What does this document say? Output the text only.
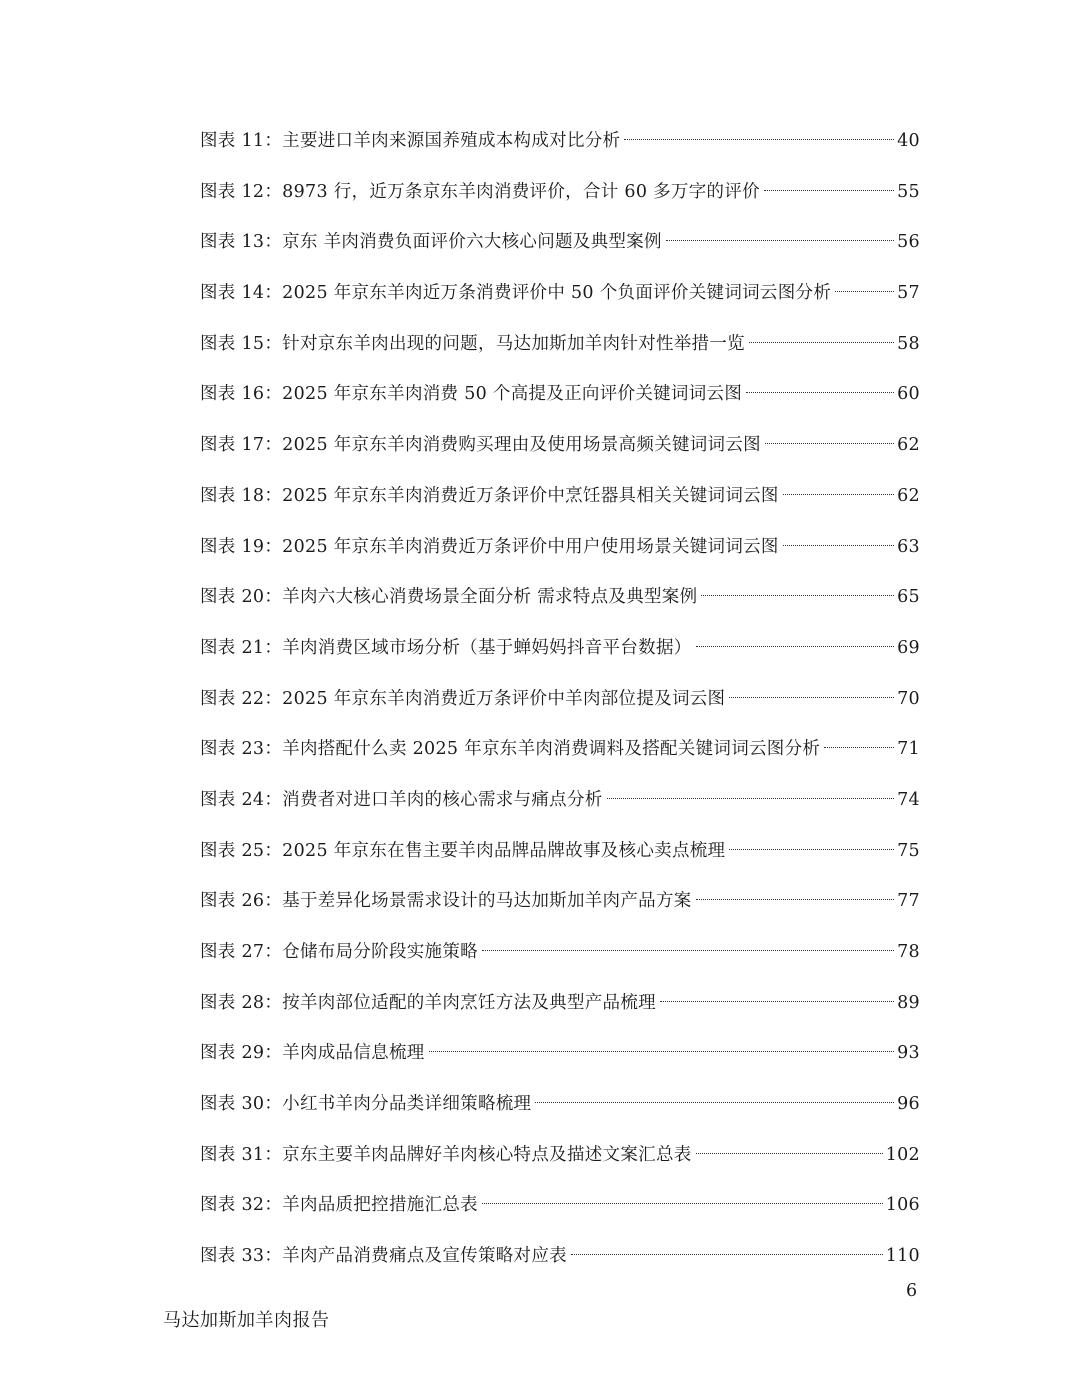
图表 11： 主要进口羊肉来源国养殖成本构成对比分析	40
图表 12： 8973 行，近万条京东羊肉消费评价，合计 60 多万字的评价	55
图表 13： 京东 羊肉消费负面评价六大核心问题及典型案例	56
图表 14： 2025 年京东羊肉近万条消费评价中 50 个负面评价关键词词云图分析	57
图表 15： 针对京东羊肉出现的问题，马达加斯加羊肉针对性举措一览	58
图表 16： 2025 年京东羊肉消费 50 个高提及正向评价关键词词云图	60
图表 17： 2025 年京东羊肉消费购买理由及使用场景高频关键词词云图	62
图表 18： 2025 年京东羊肉消费近万条评价中烹饪器具相关关键词词云图	62
图表 19： 2025 年京东羊肉消费近万条评价中用户使用场景关键词词云图	63
图表 20： 羊肉六大核心消费场景全面分析 需求特点及典型案例	65
图表 21： 羊肉消费区域市场分析（基于蝉妈妈抖音平台数据）	69
图表 22： 2025 年京东羊肉消费近万条评价中羊肉部位提及词云图	70
图表 23： 羊肉搭配什么卖 2025 年京东羊肉消费调料及搭配关键词词云图分析	71
图表 24： 消费者对进口羊肉的核心需求与痛点分析	74
图表 25： 2025 年京东在售主要羊肉品牌品牌故事及核心卖点梳理	75
图表 26： 基于差异化场景需求设计的马达加斯加羊肉产品方案	77
图表 27： 仓储布局分阶段实施策略	78
图表 28： 按羊肉部位适配的羊肉烹饪方法及典型产品梳理	89
图表 29： 羊肉成品信息梳理	93
图表 30： 小红书羊肉分品类详细策略梳理	96
图表 31： 京东主要羊肉品牌好羊肉核心特点及描述文案汇总表	102
图表 32： 羊肉品质把控措施汇总表	106
图表 33： 羊肉产品消费痛点及宣传策略对应表	110
6
马达加斯加羊肉报告
